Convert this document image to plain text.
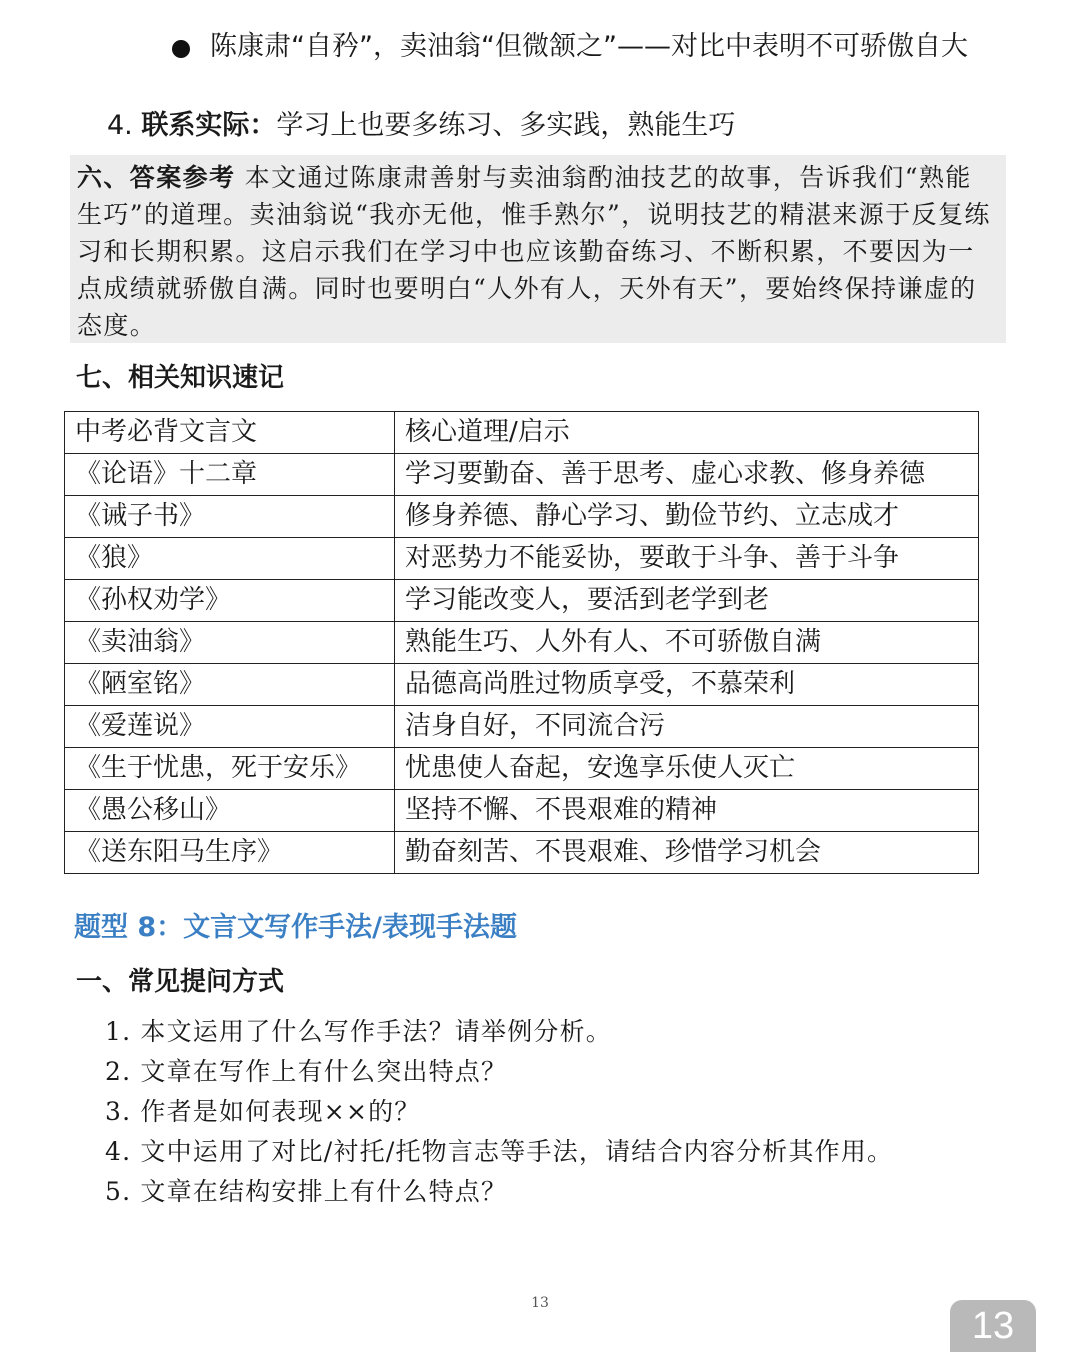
陈康肃“自矜”，卖油翁“但微颔之”——对比中表明不可骄傲自大
4. 联系实际：学习上也要多练习、多实践，熟能生巧
六、答案参考 本文通过陈康肃善射与卖油翁酌油技艺的故事，告诉我们“熟能生巧”的道理。卖油翁说“我亦无他，惟手熟尔”，说明技艺的精湛来源于反复练习和长期积累。这启示我们在学习中也应该勤奋练习、不断积累，不要因为一点成绩就骄傲自满。同时也要明白“人外有人，天外有天”，要始终保持谦虚的态度。
七、相关知识速记
中考必背文言文	核心道理/启示
《论语》十二章	学习要勤奋、善于思考、虚心求教、修身养德
《诫子书》	修身养德、静心学习、勤俭节约、立志成才
《狼》	对恶势力不能妥协，要敢于斗争、善于斗争
《孙权劝学》	学习能改变人，要活到老学到老
《卖油翁》	熟能生巧、人外有人、不可骄傲自满
《陋室铭》	品德高尚胜过物质享受，不慕荣利
《爱莲说》	洁身自好，不同流合污
《生于忧患，死于安乐》	忧患使人奋起，安逸享乐使人灭亡
《愚公移山》	坚持不懈、不畏艰难的精神
《送东阳马生序》	勤奋刻苦、不畏艰难、珍惜学习机会
题型 8：文言文写作手法/表现手法题
一、常见提问方式
1. 本文运用了什么写作手法？请举例分析。
2. 文章在写作上有什么突出特点？
3. 作者是如何表现××的？
4. 文中运用了对比/衬托/托物言志等手法，请结合内容分析其作用。
5. 文章在结构安排上有什么特点？
13
13
